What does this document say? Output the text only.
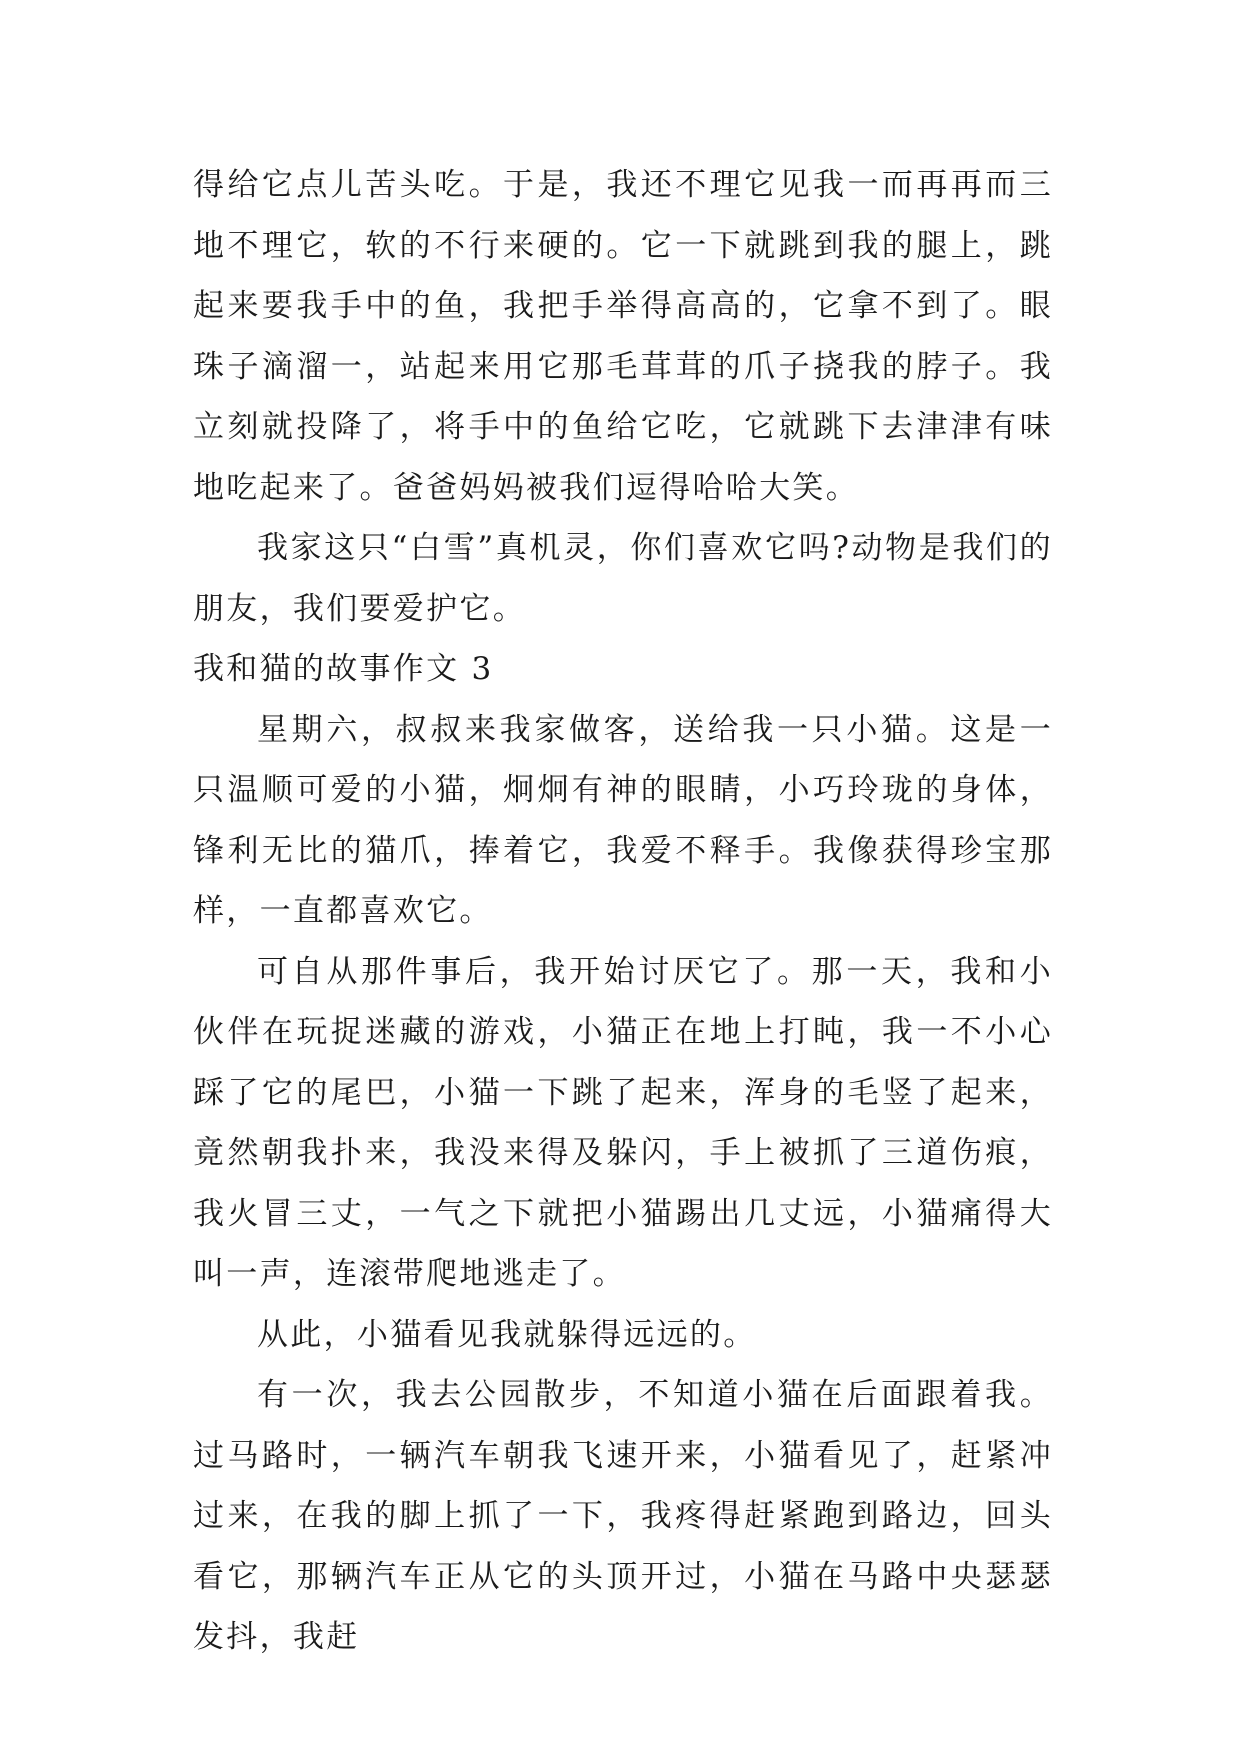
得给它点儿苦头吃。于是，我还不理它见我一而再再而三地不理它，软的不行来硬的。它一下就跳到我的腿上，跳起来要我手中的鱼，我把手举得高高的，它拿不到了。眼珠子滴溜一，站起来用它那毛茸茸的爪子挠我的脖子。我立刻就投降了，将手中的鱼给它吃，它就跳下去津津有味地吃起来了。爸爸妈妈被我们逗得哈哈大笑。

我家这只“白雪”真机灵，你们喜欢它吗?动物是我们的朋友，我们要爱护它。

我和猫的故事作文 3

星期六，叔叔来我家做客，送给我一只小猫。这是一只温顺可爱的小猫，炯炯有神的眼睛，小巧玲珑的身体，锋利无比的猫爪，捧着它，我爱不释手。我像获得珍宝那样，一直都喜欢它。

可自从那件事后，我开始讨厌它了。那一天，我和小伙伴在玩捉迷藏的游戏，小猫正在地上打盹，我一不小心踩了它的尾巴，小猫一下跳了起来，浑身的毛竖了起来，竟然朝我扑来，我没来得及躲闪，手上被抓了三道伤痕，我火冒三丈，一气之下就把小猫踢出几丈远，小猫痛得大叫一声，连滚带爬地逃走了。

从此，小猫看见我就躲得远远的。

有一次，我去公园散步，不知道小猫在后面跟着我。过马路时，一辆汽车朝我飞速开来，小猫看见了，赶紧冲过来，在我的脚上抓了一下，我疼得赶紧跑到路边，回头看它，那辆汽车正从它的头顶开过，小猫在马路中央瑟瑟发抖，我赶
